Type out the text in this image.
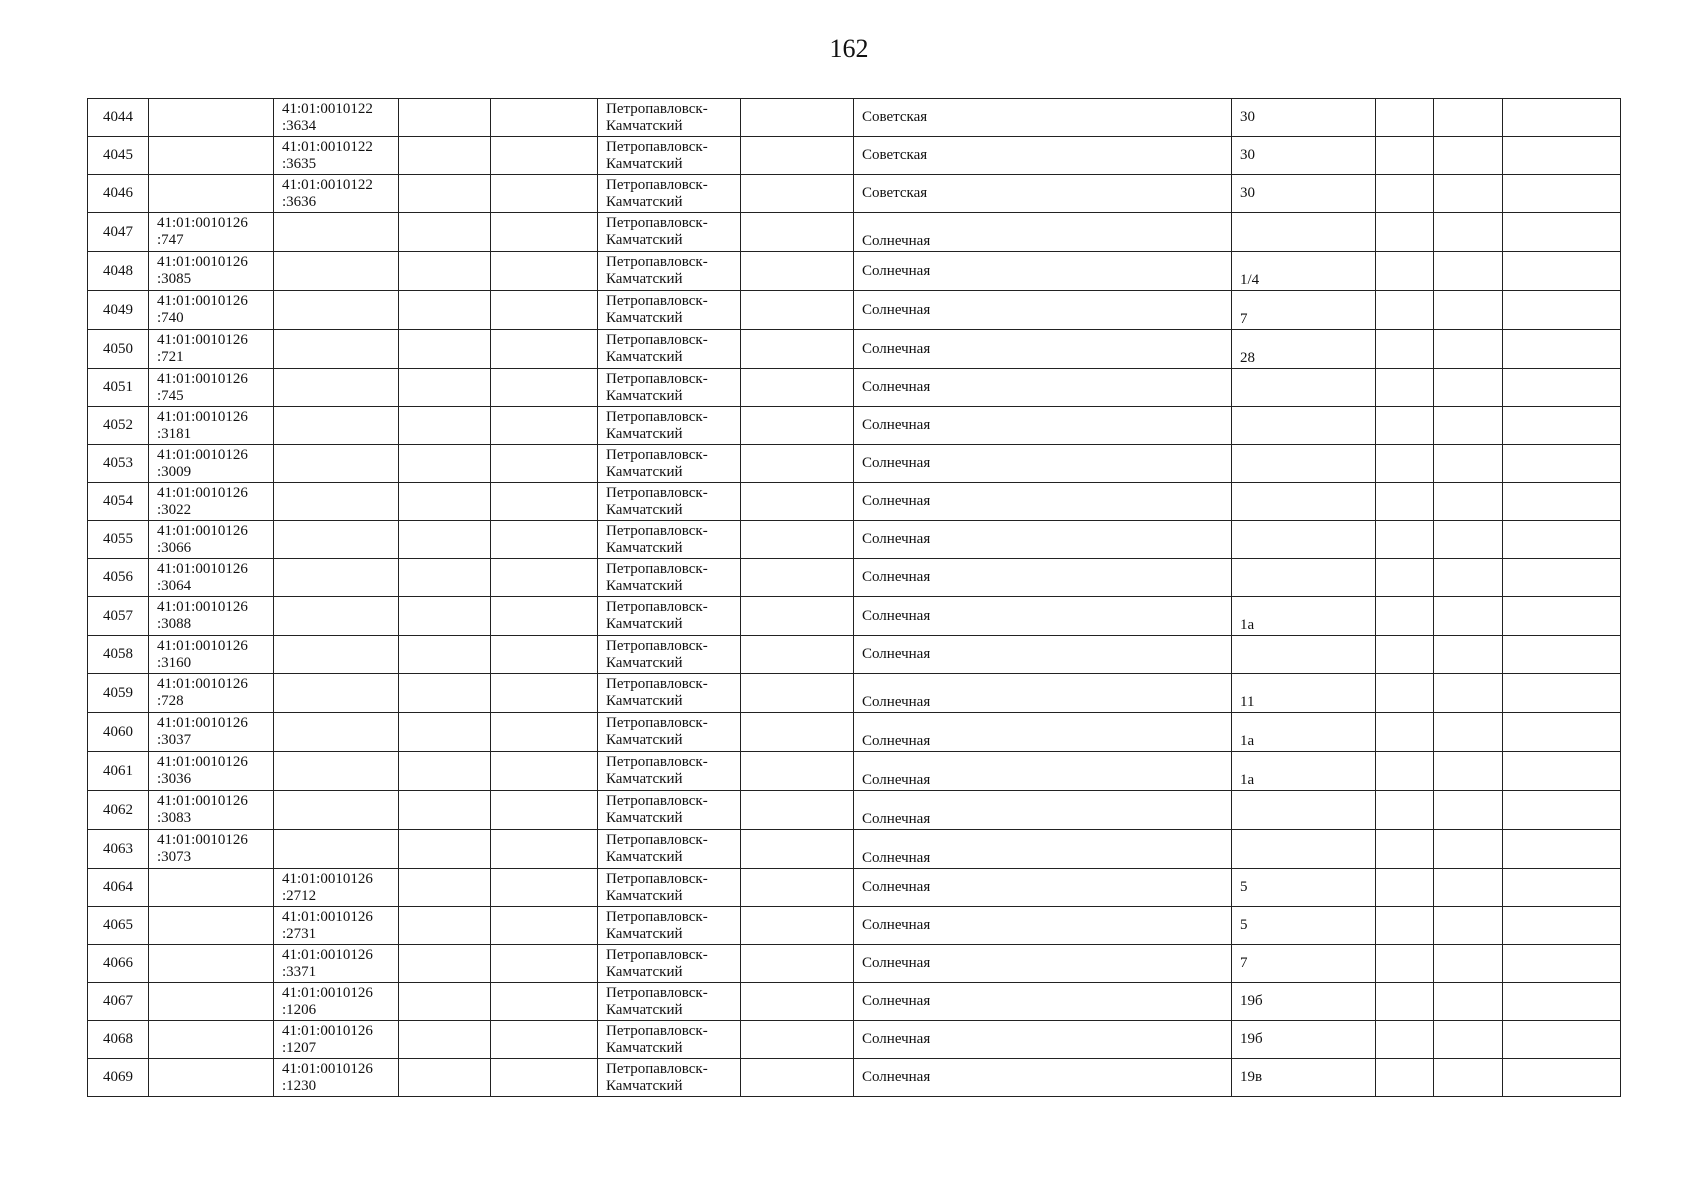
162
4044		41:01:0010122
:3634			Петропавловск-
Камчатский		Советская	30			
4045		41:01:0010122
:3635			Петропавловск-
Камчатский		Советская	30			
4046		41:01:0010122
:3636			Петропавловск-
Камчатский		Советская	30			
4047	41:01:0010126
:747				Петропавловск-
Камчатский		Солнечная				
4048	41:01:0010126
:3085				Петропавловск-
Камчатский		Солнечная	1/4			
4049	41:01:0010126
:740				Петропавловск-
Камчатский		Солнечная	7			
4050	41:01:0010126
:721				Петропавловск-
Камчатский		Солнечная	28			
4051	41:01:0010126
:745				Петропавловск-
Камчатский		Солнечная				
4052	41:01:0010126
:3181				Петропавловск-
Камчатский		Солнечная				
4053	41:01:0010126
:3009				Петропавловск-
Камчатский		Солнечная				
4054	41:01:0010126
:3022				Петропавловск-
Камчатский		Солнечная				
4055	41:01:0010126
:3066				Петропавловск-
Камчатский		Солнечная				
4056	41:01:0010126
:3064				Петропавловск-
Камчатский		Солнечная				
4057	41:01:0010126
:3088				Петропавловск-
Камчатский		Солнечная	1а			
4058	41:01:0010126
:3160				Петропавловск-
Камчатский		Солнечная				
4059	41:01:0010126
:728				Петропавловск-
Камчатский		Солнечная	11			
4060	41:01:0010126
:3037				Петропавловск-
Камчатский		Солнечная	1а			
4061	41:01:0010126
:3036				Петропавловск-
Камчатский		Солнечная	1а			
4062	41:01:0010126
:3083				Петропавловск-
Камчатский		Солнечная				
4063	41:01:0010126
:3073				Петропавловск-
Камчатский		Солнечная				
4064		41:01:0010126
:2712			Петропавловск-
Камчатский		Солнечная	5			
4065		41:01:0010126
:2731			Петропавловск-
Камчатский		Солнечная	5			
4066		41:01:0010126
:3371			Петропавловск-
Камчатский		Солнечная	7			
4067		41:01:0010126
:1206			Петропавловск-
Камчатский		Солнечная	19б			
4068		41:01:0010126
:1207			Петропавловск-
Камчатский		Солнечная	19б			
4069		41:01:0010126
:1230			Петропавловск-
Камчатский		Солнечная	19в			
